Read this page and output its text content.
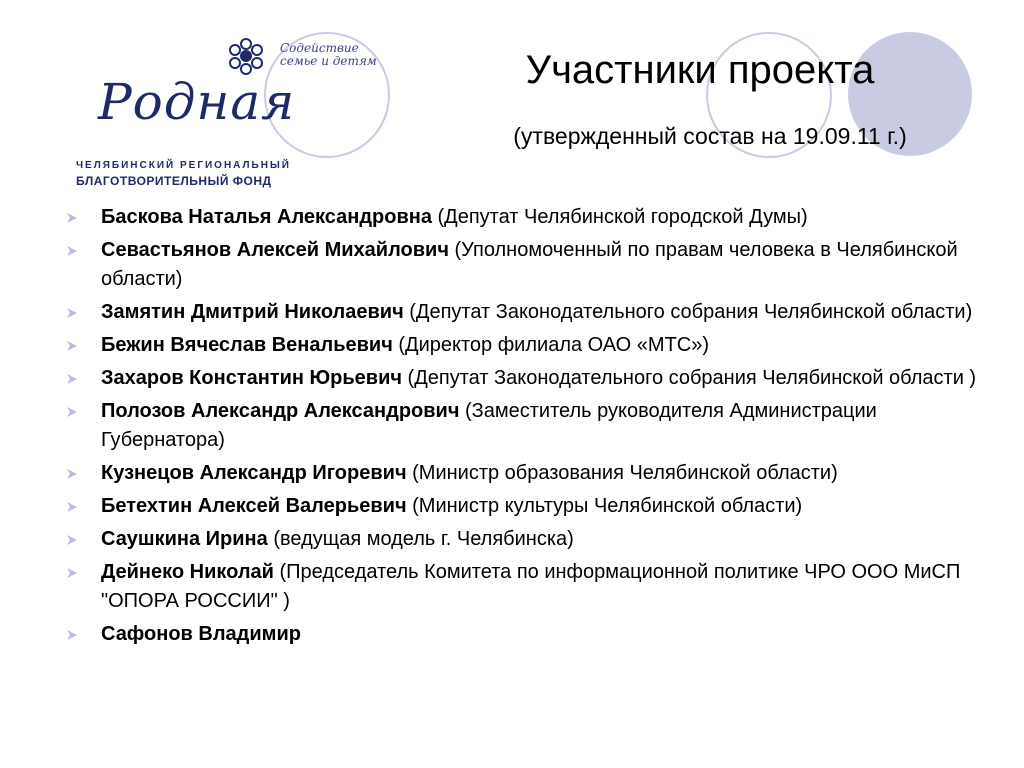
Содействие
семье и детям
Родная
ЧЕЛЯБИНСКИЙ РЕГИОНАЛЬНЫЙ
БЛАГОТВОРИТЕЛЬНЫЙ ФОНД
Участники проекта
(утвержденный состав на 19.09.11 г.)
Баскова Наталья Александровна (Депутат Челябинской городской Думы)
Севастьянов Алексей Михайлович (Уполномоченный по правам человека в Челябинской области)
Замятин Дмитрий Николаевич (Депутат Законодательного собрания Челябинской области)
Бежин Вячеслав Венальевич (Директор филиала ОАО «МТС»)
Захаров Константин Юрьевич (Депутат Законодательного собрания Челябинской области )
Полозов Александр Александрович (Заместитель руководителя Администрации Губернатора)
Кузнецов Александр Игоревич (Министр образования Челябинской области)
Бетехтин Алексей Валерьевич (Министр культуры Челябинской области)
Саушкина Ирина (ведущая модель г. Челябинска)
Дейнеко Николай (Председатель Комитета по информационной политике ЧРО ООО МиСП "ОПОРА РОССИИ" )
Сафонов Владимир
